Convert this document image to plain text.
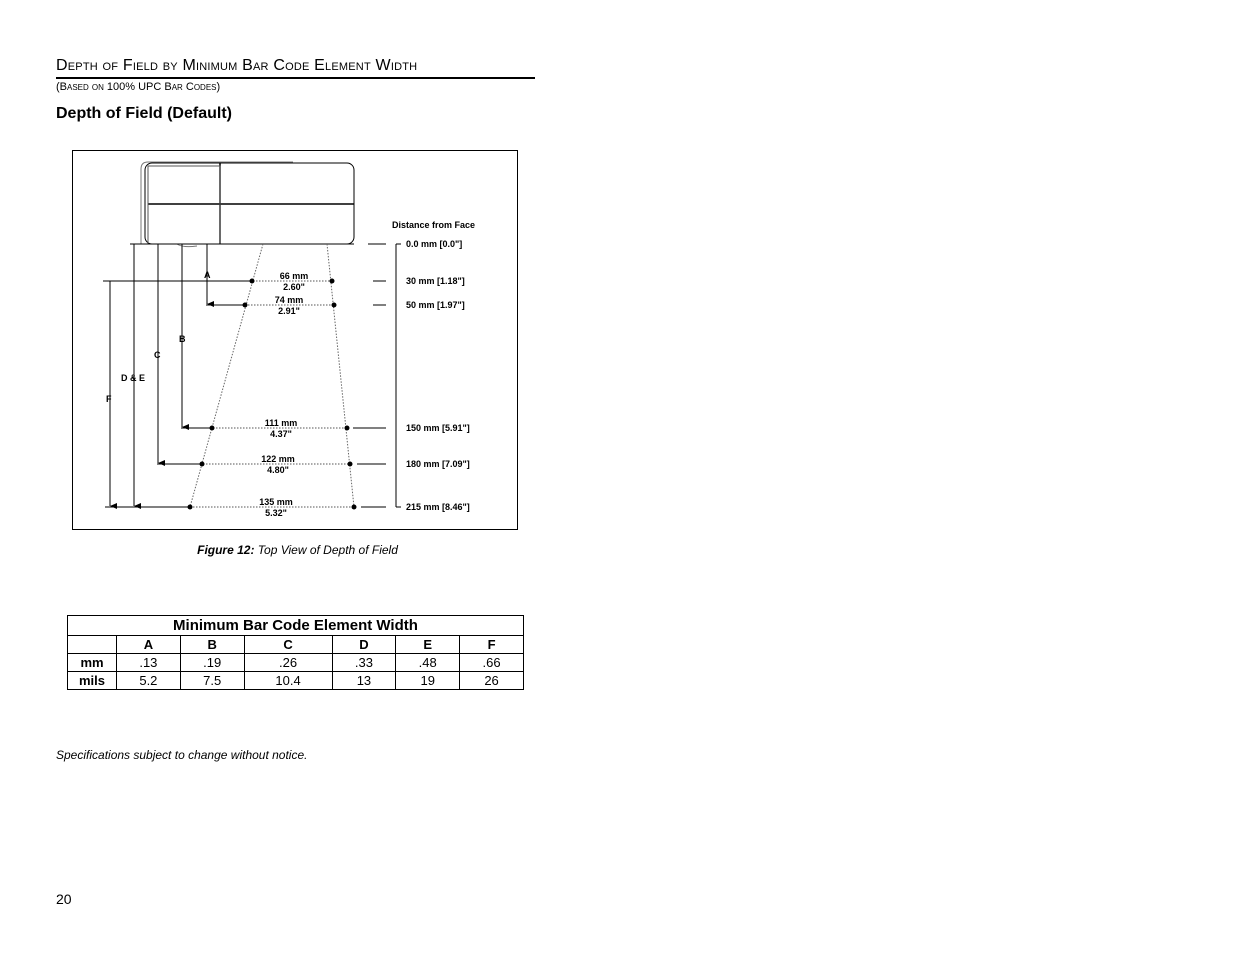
Depth of Field by Minimum Bar Code Element Width
(Based on 100% UPC Bar Codes)
Depth of Field (Default)
A
B
C
D & E
F
66 mm
2.60"
74 mm
2.91"
111 mm
4.37"
122 mm
4.80"
135 mm
5.32"
Distance from Face
0.0 mm [0.0"]
30 mm [1.18"]
50 mm [1.97"]
150 mm [5.91"]
180 mm [7.09"]
215 mm [8.46"]
Figure 12: Top View of Depth of Field
Minimum Bar Code Element Width						
	A	B	C	D	E	F
mm	.13	.19	.26	.33	.48	.66
mils	5.2	7.5	10.4	13	19	26
Specifications subject to change without notice.
20
